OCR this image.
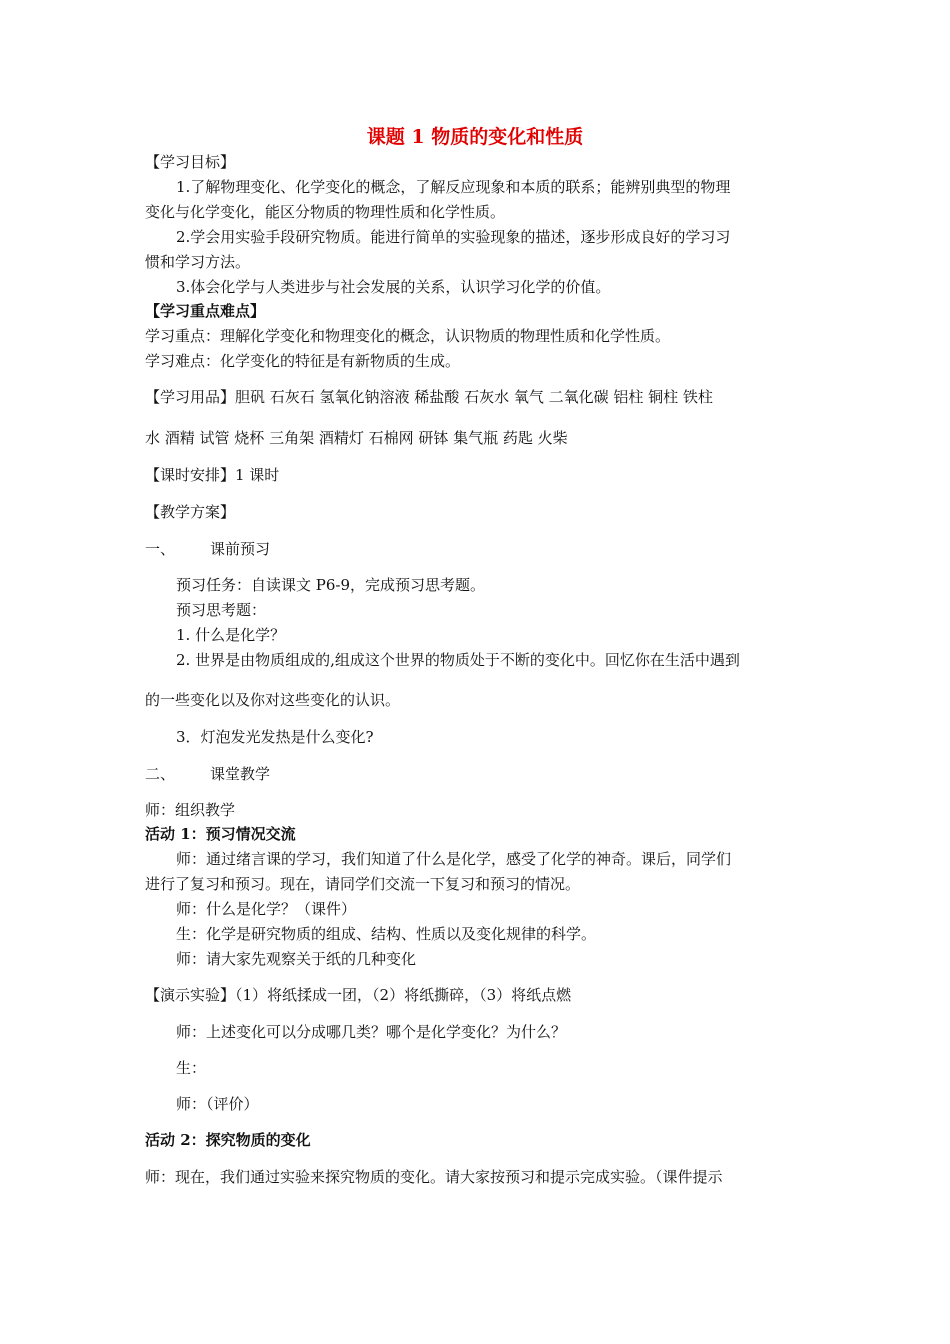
课题 1 物质的变化和性质
【学习目标】
1.了解物理变化、化学变化的概念，了解反应现象和本质的联系；能辨别典型的物理
变化与化学变化，能区分物质的物理性质和化学性质。
2.学会用实验手段研究物质。能进行简单的实验现象的描述，逐步形成良好的学习习
惯和学习方法。
3.体会化学与人类进步与社会发展的关系，认识学习化学的价值。
【学习重点难点】
学习重点：理解化学变化和物理变化的概念，认识物质的物理性质和化学性质。
学习难点：化学变化的特征是有新物质的生成。
【学习用品】胆矾 石灰石 氢氧化钠溶液 稀盐酸 石灰水 氧气 二氧化碳 铝柱 铜柱 铁柱
水 酒精 试管 烧杯 三角架 酒精灯 石棉网 研钵 集气瓶 药匙 火柴
【课时安排】1 课时
【教学方案】
一、 课前预习
预习任务：自读课文 P6-9，完成预习思考题。
预习思考题：
1. 什么是化学？
2. 世界是由物质组成的,组成这个世界的物质处于不断的变化中。回忆你在生活中遇到
的一些变化以及你对这些变化的认识。
3．灯泡发光发热是什么变化?
二、 课堂教学
师：组织教学
活动 1：预习情况交流
师：通过绪言课的学习，我们知道了什么是化学，感受了化学的神奇。课后，同学们
进行了复习和预习。现在，请同学们交流一下复习和预习的情况。
师：什么是化学？（课件）
生：化学是研究物质的组成、结构、性质以及变化规律的科学。
师：请大家先观察关于纸的几种变化
【演示实验】（1）将纸揉成一团，（2）将纸撕碎，（3）将纸点燃
师：上述变化可以分成哪几类？哪个是化学变化？为什么？
生：
师：（评价）
活动 2：探究物质的变化
师：现在，我们通过实验来探究物质的变化。请大家按预习和提示完成实验。（课件提示
